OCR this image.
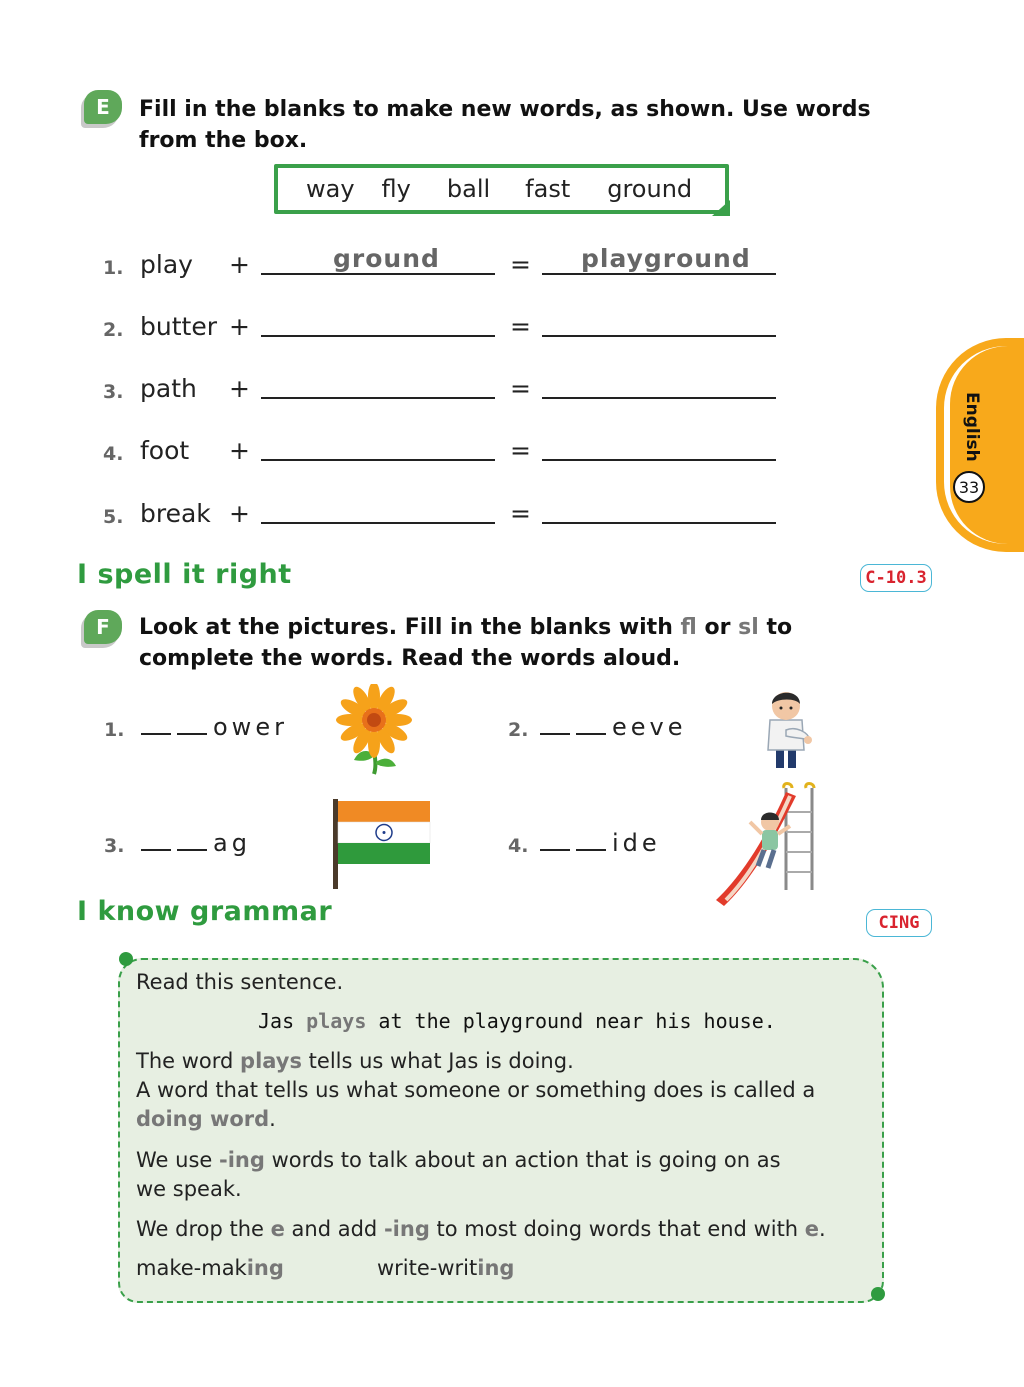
E	Fill in the blanks to make new words, as shown. Use words from the box.
way fly ball fast ground
1. play +	ground	= playground
2. butter +	=
3. path +	=
4. foot +	=
5. break +	=
English
33
I spell it right	C-10.3
F	Look at the pictures. Fill in the blanks with fl or sl to complete the words. Read the words aloud.
1.	ower	2.	eeve
3.	ag	4.	ide
I know grammar	CING
Read this sentence.
Jas plays at the playground near his house.
The word plays tells us what Jas is doing.
A word that tells us what someone or something does is called a doing word.
We use -ing words to talk about an action that is going on as we speak.
We drop the e and add -ing to most doing words that end with e.
make-making	write-writing
